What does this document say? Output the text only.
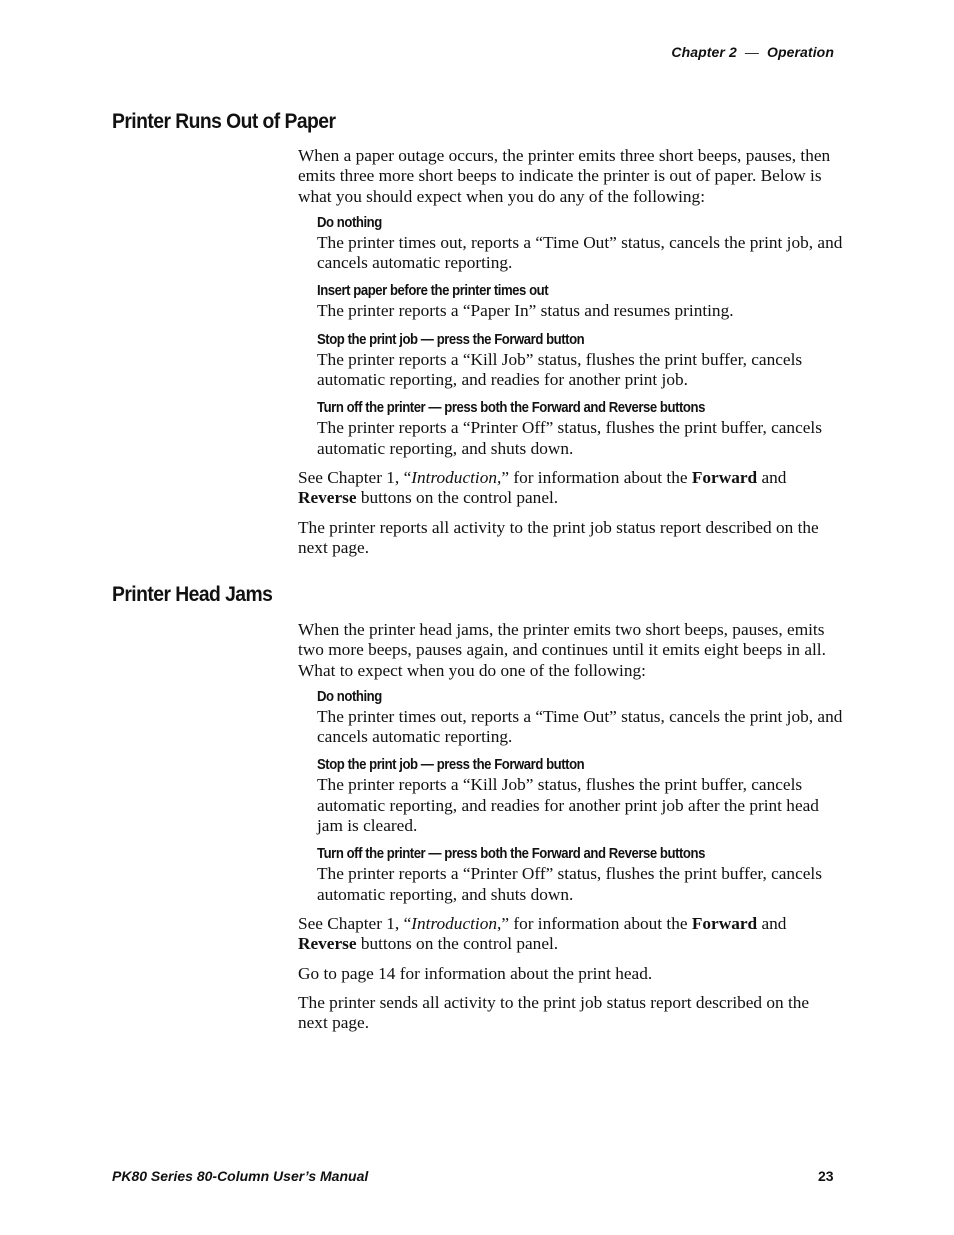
Chapter 2 — Operation
Printer Runs Out of Paper

When a paper outage occurs, the printer emits three short beeps, pauses, then emits three more short beeps to indicate the printer is out of paper. Below is what you should expect when you do any of the following:

Do nothing
The printer times out, reports a “Time Out” status, cancels the print job, and cancels automatic reporting.
Insert paper before the printer times out
The printer reports a “Paper In” status and resumes printing.
Stop the print job — press the Forward button
The printer reports a “Kill Job” status, flushes the print buffer, cancels automatic reporting, and readies for another print job.
Turn off the printer — press both the Forward and Reverse buttons
The printer reports a “Printer Off” status, flushes the print buffer, cancels automatic reporting, and shuts down.

See Chapter 1, “Introduction,” for information about the Forward and Reverse buttons on the control panel.

The printer reports all activity to the print job status report described on the next page.

Printer Head Jams

When the printer head jams, the printer emits two short beeps, pauses, emits two more beeps, pauses again, and continues until it emits eight beeps in all. What to expect when you do one of the following:

Do nothing
The printer times out, reports a “Time Out” status, cancels the print job, and cancels automatic reporting.
Stop the print job — press the Forward button
The printer reports a “Kill Job” status, flushes the print buffer, cancels automatic reporting, and readies for another print job after the print head jam is cleared.
Turn off the printer — press both the Forward and Reverse buttons
The printer reports a “Printer Off” status, flushes the print buffer, cancels automatic reporting, and shuts down.

See Chapter 1, “Introduction,” for information about the Forward and Reverse buttons on the control panel.

Go to page 14 for information about the print head.

The printer sends all activity to the print job status report described on the next page.

PK80 Series 80-Column User’s Manual	23
